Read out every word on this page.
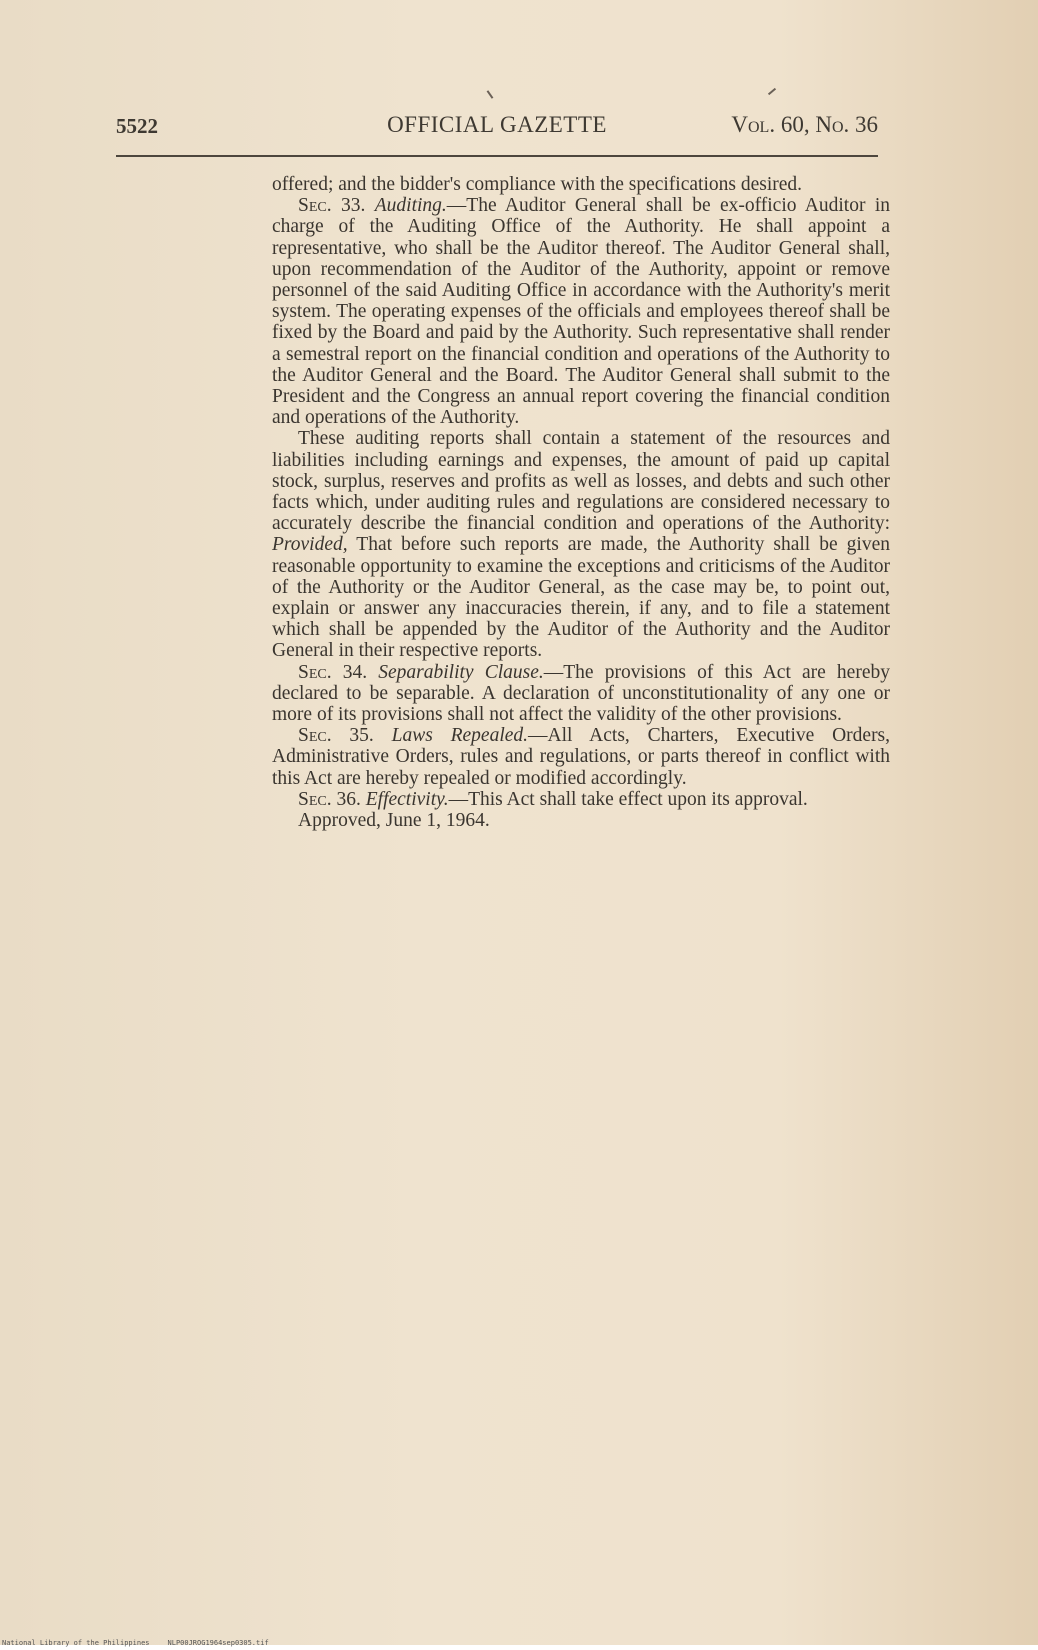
5522	OFFICIAL GAZETTE	Vol. 60, No. 36

offered; and the bidder's compliance with the specifications desired.

Sec. 33. Auditing.—The Auditor General shall be ex-officio Auditor in charge of the Auditing Office of the Authority. He shall appoint a representative, who shall be the Auditor thereof. The Auditor General shall, upon recommendation of the Auditor of the Authority, appoint or remove personnel of the said Auditing Office in accordance with the Authority's merit system. The operating expenses of the officials and employees thereof shall be fixed by the Board and paid by the Authority. Such representative shall render a semestral report on the financial condition and operations of the Authority to the Auditor General and the Board. The Auditor General shall submit to the President and the Congress an annual report covering the financial condition and operations of the Authority.

These auditing reports shall contain a statement of the resources and liabilities including earnings and expenses, the amount of paid up capital stock, surplus, reserves and profits as well as losses, and debts and such other facts which, under auditing rules and regulations are considered necessary to accurately describe the financial condition and operations of the Authority: Provided, That before such reports are made, the Authority shall be given reasonable opportunity to examine the exceptions and criticisms of the Auditor of the Authority or the Auditor General, as the case may be, to point out, explain or answer any inaccuracies therein, if any, and to file a statement which shall be appended by the Auditor of the Authority and the Auditor General in their respective reports.

Sec. 34. Separability Clause.—The provisions of this Act are hereby declared to be separable. A declaration of unconstitutionality of any one or more of its provisions shall not affect the validity of the other provisions.

Sec. 35. Laws Repealed.—All Acts, Charters, Executive Orders, Administrative Orders, rules and regulations, or parts thereof in conflict with this Act are hereby repealed or modified accordingly.

Sec. 36. Effectivity.—This Act shall take effect upon its approval.

Approved, June 1, 1964.

National Library of the Philippines	NLP00JROG1964sep0305.tif
